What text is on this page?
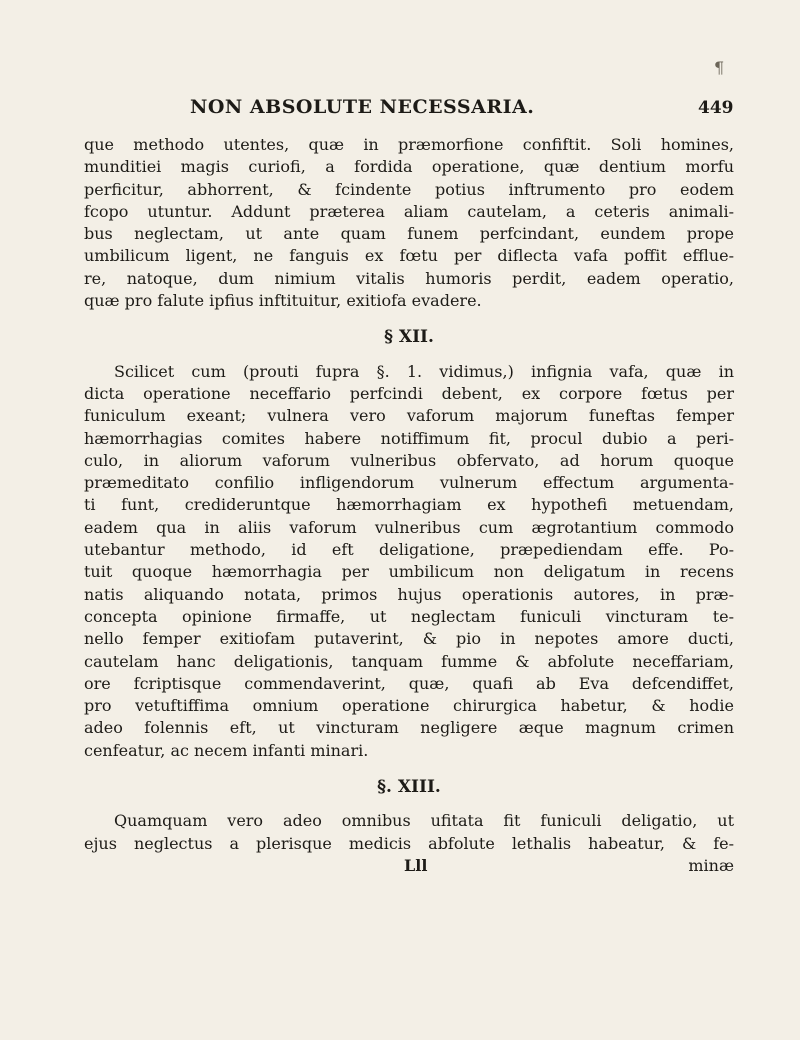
¶
NON ABSOLUTE NECESSARIA.	449
que methodo utentes, quæ in præmorfione confiftit. Soli homines,
munditiei magis curiofi, a fordida operatione, quæ dentium morfu
perficitur, abhorrent, & fcindente potius inftrumento pro eodem
fcopo utuntur. Addunt præterea aliam cautelam, a ceteris animali-
bus neglectam, ut ante quam funem perfcindant, eundem prope
umbilicum ligent, ne fanguis ex fœtu per diflecta vafa poffit efflue-
re, natoque, dum nimium vitalis humoris perdit, eadem operatio,
quæ pro falute ipfius inftituitur, exitiofa evadere.
§ XII.
Scilicet cum (prouti fupra §. 1. vidimus,) infignia vafa, quæ in
dicta operatione neceffario perfcindi debent, ex corpore fœtus per
funiculum exeant; vulnera vero vaforum majorum funeftas femper
hæmorrhagias comites habere notiffimum fit, procul dubio a peri-
culo, in aliorum vaforum vulneribus obfervato, ad horum quoque
præmeditato confilio infligendorum vulnerum effectum argumenta-
ti funt, credideruntque hæmorrhagiam ex hypothefi metuendam,
eadem qua in aliis vaforum vulneribus cum ægrotantium commodo
utebantur methodo, id eft deligatione, præpediendam effe. Po-
tuit quoque hæmorrhagia per umbilicum non deligatum in recens
natis aliquando notata, primos hujus operationis autores, in præ-
concepta opinione firmaffe, ut neglectam funiculi vincturam te-
nello femper exitiofam putaverint, & pio in nepotes amore ducti,
cautelam hanc deligationis, tanquam fumme & abfolute neceffariam,
ore fcriptisque commendaverint, quæ, quafi ab Eva defcendiffet,
pro vetuftiffima omnium operatione chirurgica habetur, & hodie
adeo folennis eft, ut vincturam negligere æque magnum crimen
cenfeatur, ac necem infanti minari.
§. XIII.
Quamquam vero adeo omnibus ufitata fit funiculi deligatio, ut
ejus neglectus a plerisque medicis abfolute lethalis habeatur, & fe-
Lll	minæ
